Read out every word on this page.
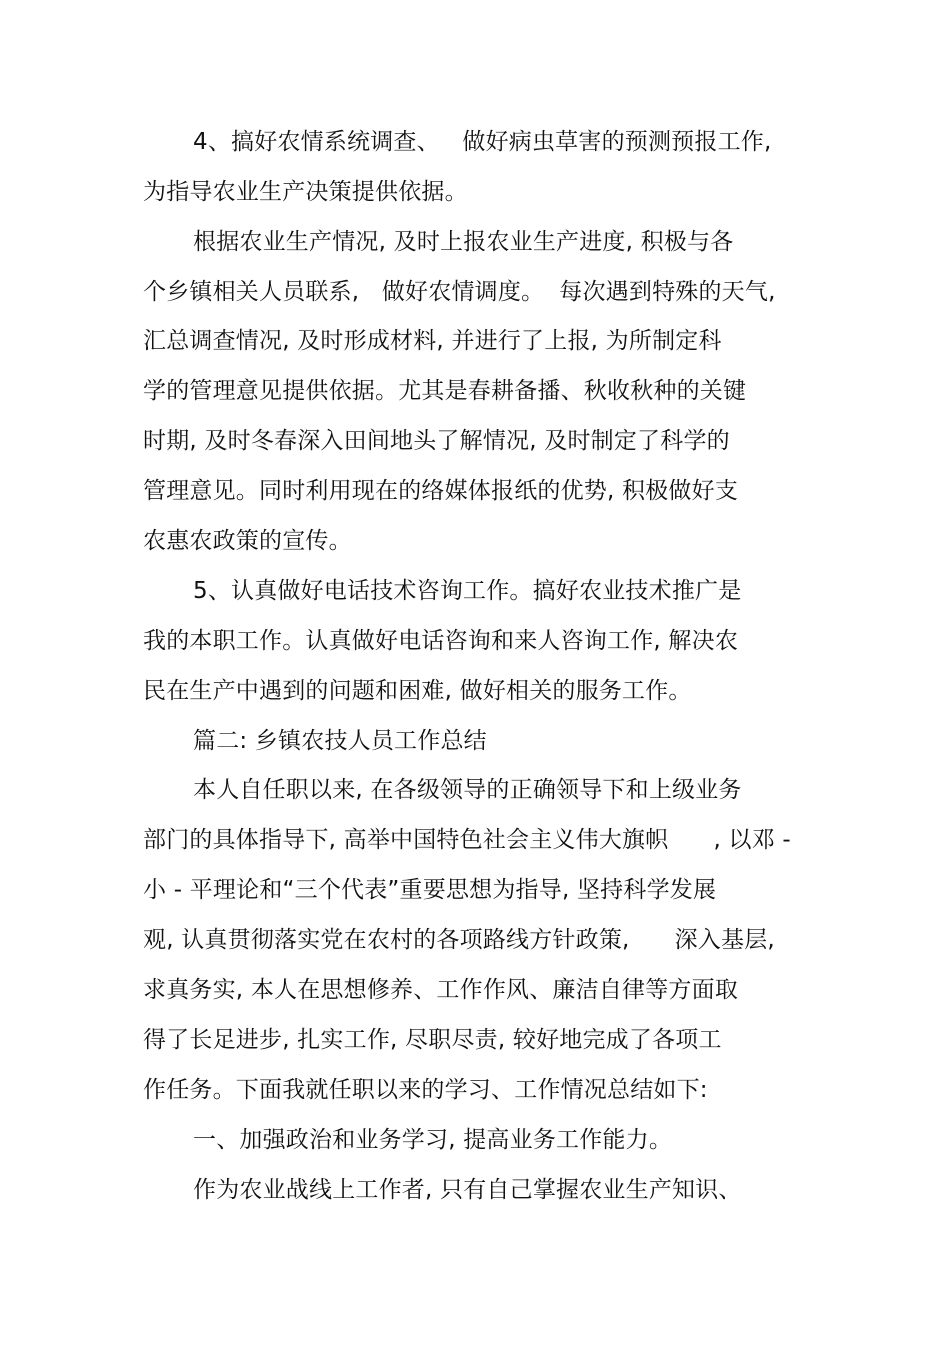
4、搞好农情系统调查、   做好病虫草害的预测预报工作,
为指导农业生产决策提供依据。
根据农业生产情况, 及时上报农业生产进度, 积极与各
个乡镇相关人员联系,   做好农情调度。  每次遇到特殊的天气,
汇总调查情况, 及时形成材料, 并进行了上报, 为所制定科
学的管理意见提供依据。尤其是春耕备播、秋收秋种的关键
时期, 及时冬春深入田间地头了解情况, 及时制定了科学的
管理意见。同时利用现在的络媒体报纸的优势, 积极做好支
农惠农政策的宣传。
5、认真做好电话技术咨询工作。搞好农业技术推广是
我的本职工作。认真做好电话咨询和来人咨询工作, 解决农
民在生产中遇到的问题和困难, 做好相关的服务工作。
篇二: 乡镇农技人员工作总结
本人自任职以来, 在各级领导的正确领导下和上级业务
部门的具体指导下, 高举中国特色社会主义伟大旗帜      , 以邓 -
小 - 平理论和“三个代表”重要思想为指导, 坚持科学发展
观, 认真贯彻落实党在农村的各项路线方针政策,      深入基层,
求真务实, 本人在思想修养、工作作风、廉洁自律等方面取
得了长足进步, 扎实工作, 尽职尽责, 较好地完成了各项工
作任务。下面我就任职以来的学习、工作情况总结如下:
一、加强政治和业务学习, 提高业务工作能力。
作为农业战线上工作者, 只有自己掌握农业生产知识、
